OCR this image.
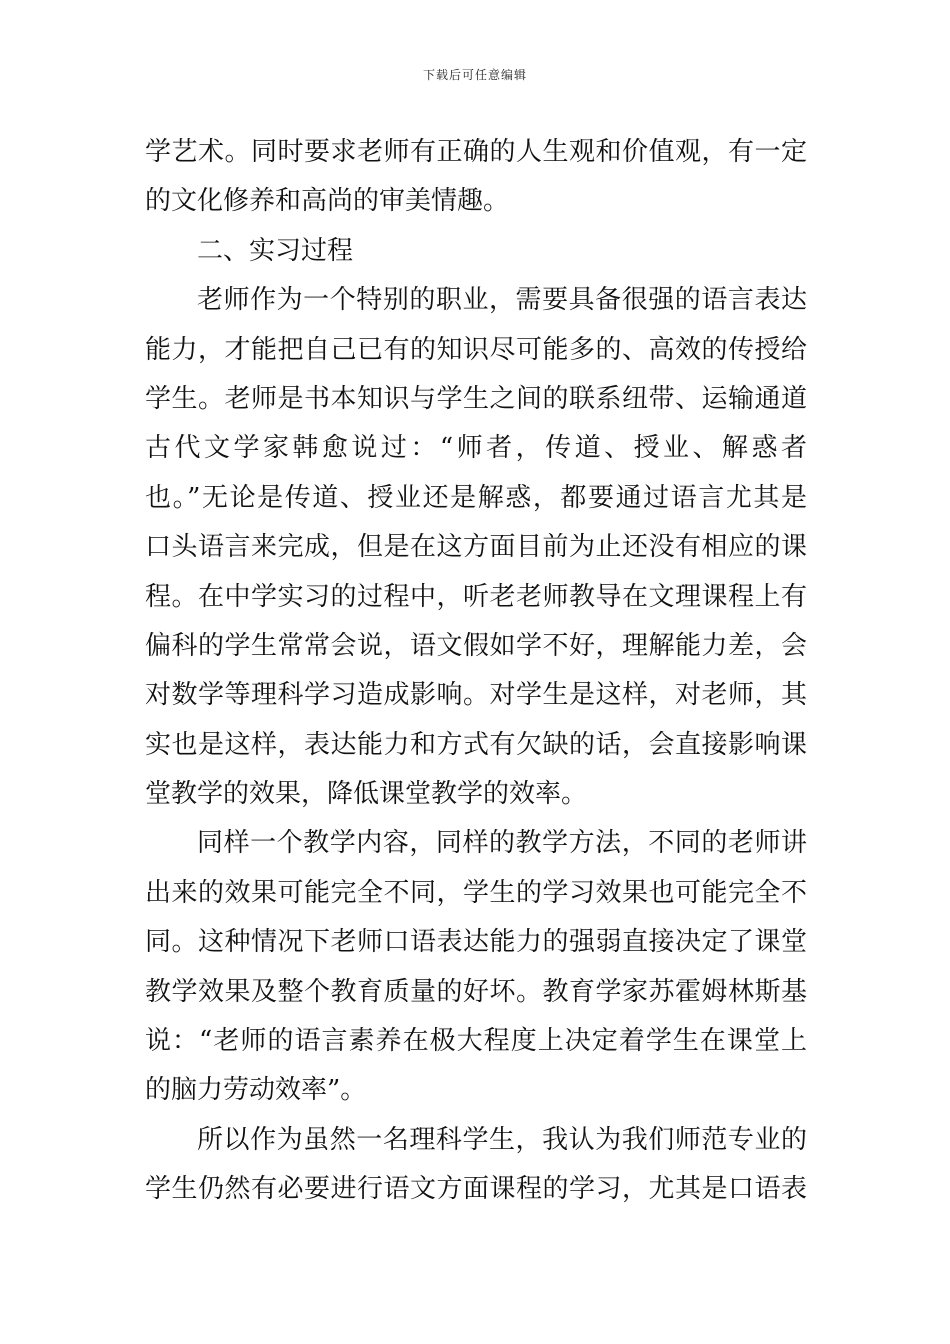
下载后可任意编辑
学艺术。同时要求老师有正确的人生观和价值观，有一定
的文化修养和高尚的审美情趣。
二、实习过程
老师作为一个特别的职业，需要具备很强的语言表达
能力，才能把自己已有的知识尽可能多的、高效的传授给
学生。老师是书本知识与学生之间的联系纽带、运输通道
古代文学家韩愈说过：“师者，传道、授业、解惑者
也。”无论是传道、授业还是解惑，都要通过语言尤其是
口头语言来完成，但是在这方面目前为止还没有相应的课
程。在中学实习的过程中，听老老师教导在文理课程上有
偏科的学生常常会说，语文假如学不好，理解能力差，会
对数学等理科学习造成影响。对学生是这样，对老师，其
实也是这样，表达能力和方式有欠缺的话，会直接影响课
堂教学的效果，降低课堂教学的效率。
同样一个教学内容，同样的教学方法，不同的老师讲
出来的效果可能完全不同，学生的学习效果也可能完全不
同。这种情况下老师口语表达能力的强弱直接决定了课堂
教学效果及整个教育质量的好坏。教育学家苏霍姆林斯基
说：“老师的语言素养在极大程度上决定着学生在课堂上
的脑力劳动效率”。
所以作为虽然一名理科学生，我认为我们师范专业的
学生仍然有必要进行语文方面课程的学习，尤其是口语表
